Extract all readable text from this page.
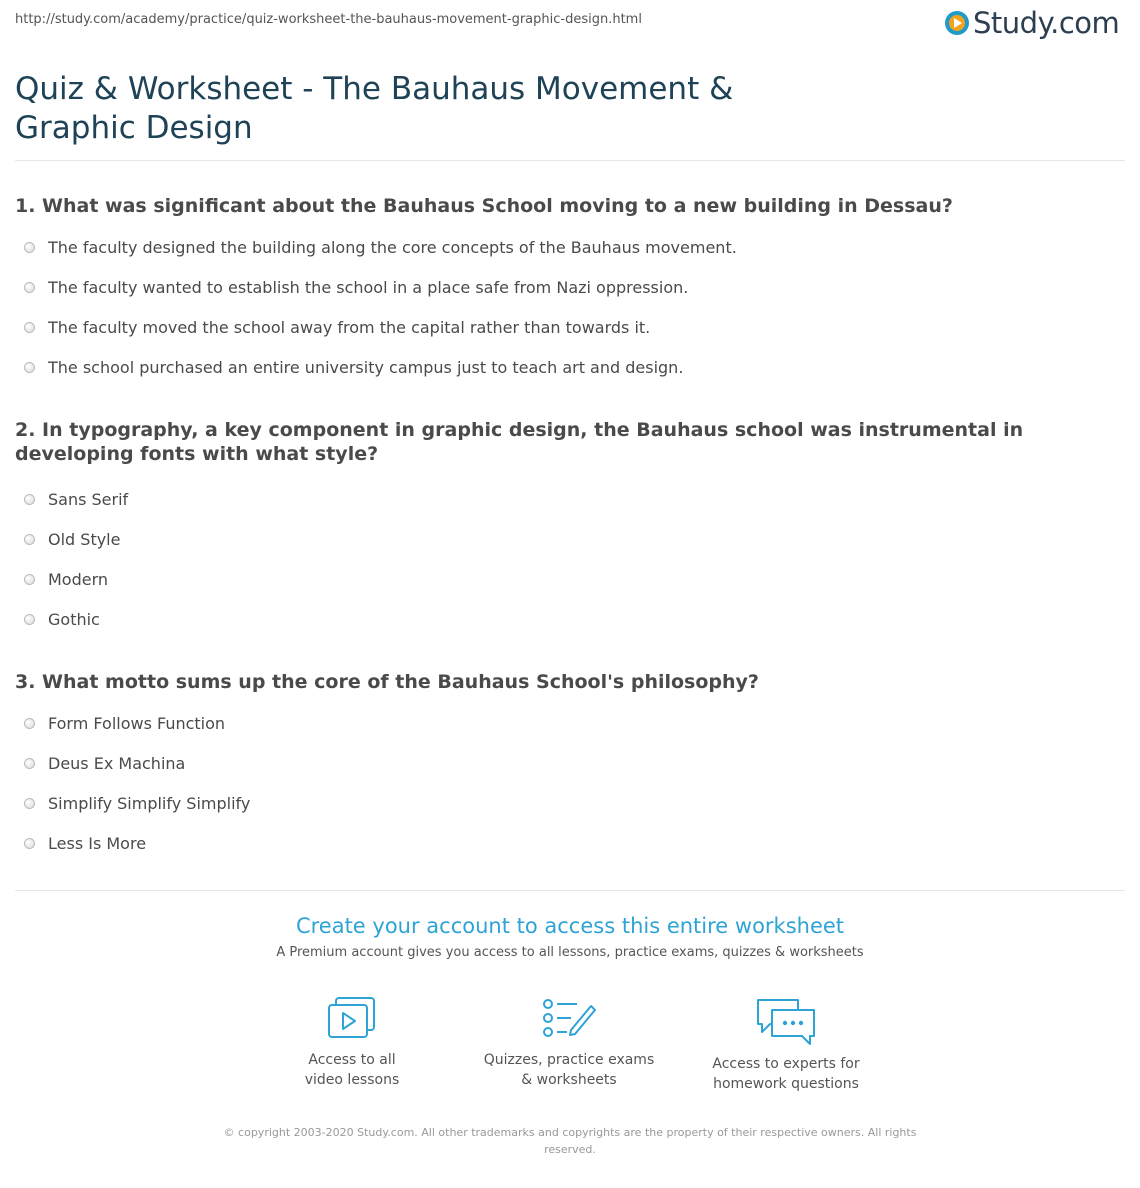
http://study.com/academy/practice/quiz-worksheet-the-bauhaus-movement-graphic-design.html	Study.com
Quiz & Worksheet - The Bauhaus Movement & Graphic Design
1. What was significant about the Bauhaus School moving to a new building in Dessau?
The faculty designed the building along the core concepts of the Bauhaus movement.
The faculty wanted to establish the school in a place safe from Nazi oppression.
The faculty moved the school away from the capital rather than towards it.
The school purchased an entire university campus just to teach art and design.
2. In typography, a key component in graphic design, the Bauhaus school was instrumental in developing fonts with what style?
Sans Serif
Old Style
Modern
Gothic
3. What motto sums up the core of the Bauhaus School's philosophy?
Form Follows Function
Deus Ex Machina
Simplify Simplify Simplify
Less Is More
Create your account to access this entire worksheet
A Premium account gives you access to all lessons, practice exams, quizzes & worksheets
Access to all
video lessons
Quizzes, practice exams
& worksheets
Access to experts for
homework questions
© copyright 2003-2020 Study.com. All other trademarks and copyrights are the property of their respective owners. All rights reserved.
